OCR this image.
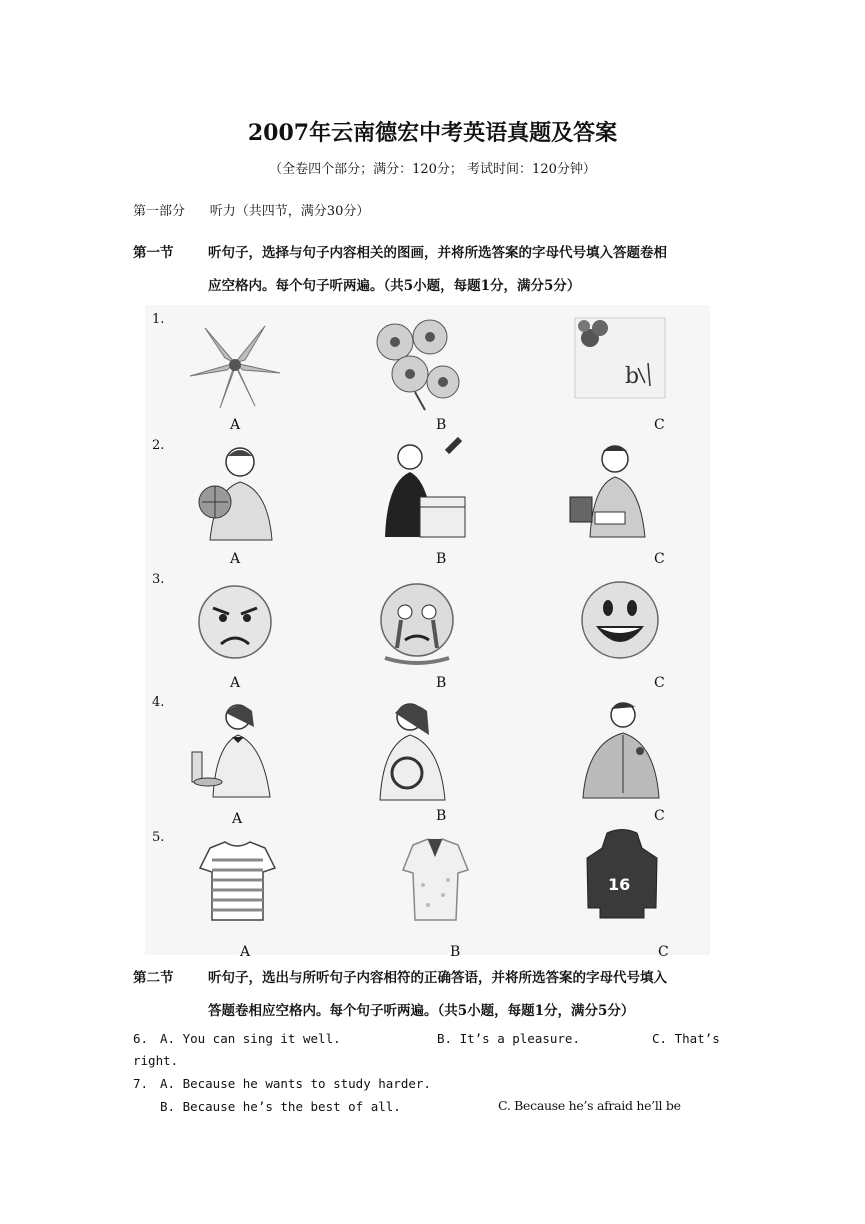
2007年云南德宏中考英语真题及答案
（全卷四个部分；满分：120分； 考试时间：120分钟）
第一部分      听力（共四节，满分30分）
第一节	听句子，选择与句子内容相关的图画，并将所选答案的字母代号填入答题卷相
应空格内。每个句子听两遍。（共5小题，每题1分，满分5分）
1.
b
A	B	C
2.
A	B	C
3.
A	B	C
4.
A	B	C
5.
16
A	B	C
第二节	听句子，选出与所听句子内容相符的正确答语，并将所选答案的字母代号填入
答题卷相应空格内。每个句子听两遍。（共5小题，每题1分，满分5分）
6. A. You can sing it well.	B. It’s a pleasure.	C. That’s
right.
7. A. Because he wants to study harder.
B. Because he’s the best of all.	C. Because he’s afraid he’ll be
